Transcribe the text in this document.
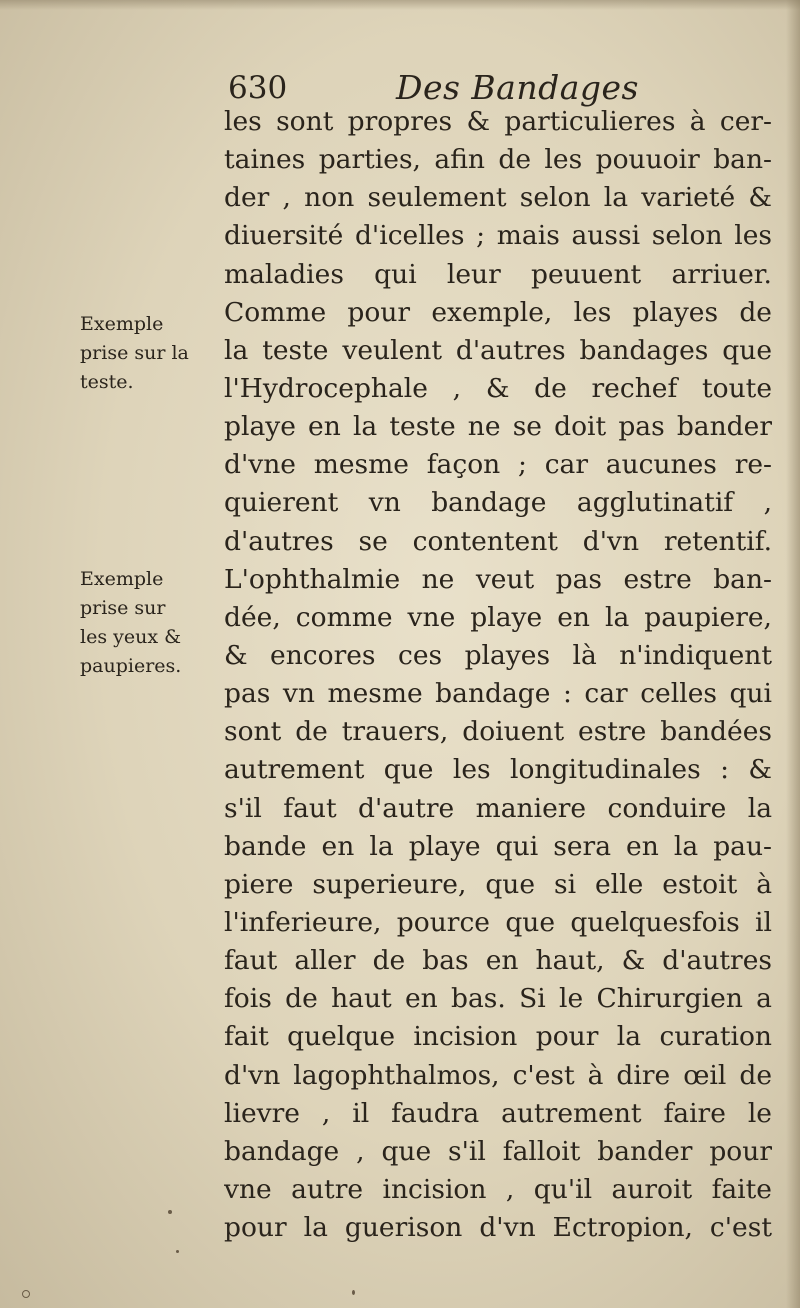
630	Des Bandages
Exemple
prise sur la
teste.
Exemple
prise sur
les yeux &
paupieres.
les sont propres & particulieres à cer-
taines parties, afin de les pouuoir ban-
der , non seulement selon la varieté &
diuersité d'icelles ; mais aussi selon les
maladies qui leur peuuent arriuer.
Comme pour exemple, les playes de
la teste veulent d'autres bandages que
l'Hydrocephale , & de rechef toute
playe en la teste ne se doit pas bander
d'vne mesme façon ; car aucunes re-
quierent vn bandage agglutinatif ,
d'autres se contentent d'vn retentif.
L'ophthalmie ne veut pas estre ban-
dée, comme vne playe en la paupiere,
& encores ces playes là n'indiquent
pas vn mesme bandage : car celles qui
sont de trauers, doiuent estre bandées
autrement que les longitudinales : &
s'il faut d'autre maniere conduire la
bande en la playe qui sera en la pau-
piere superieure, que si elle estoit à
l'inferieure, pource que quelquesfois il
faut aller de bas en haut, & d'autres
fois de haut en bas. Si le Chirurgien a
fait quelque incision pour la curation
d'vn lagophthalmos, c'est à dire œil de
lievre , il faudra autrement faire le
bandage , que s'il falloit bander pour
vne autre incision , qu'il auroit faite
pour la guerison d'vn Ectropion, c'est
